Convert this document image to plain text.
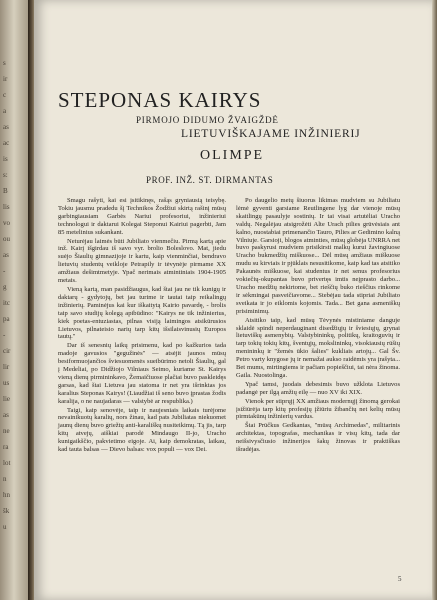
s
ir
c
a
as
ac
is
s:
B
lis
vo
ou
as
-
g
itc
pa
-
cir
lir
us
lie
as
ne
ra
lot
n
hn
šk
u
STEPONAS KAIRYS
PIRMOJO DIDUMO ŽVAIGŽDĖ
LIETUVIŠKAJAME INŽINIERIJ
OLIMPE
PROF. INŽ. ST. DIRMANTAS

Smagu rašyti, kai esi įsitikinęs, rašąs gryniausią teisybę. Tokiu jausmu pradedu šį Technikos Žodžiui skirtą rašinį mūsų garbingiausiam Garbės Nariui profesoriui, inžinieriui technologui ir daktarui Kolegai Steponui Kairiui pagerbti, Jam 85 metelinius sukankant.

Neturėjau laimės būti Jubiliato vienmečiu. Pirmą kartą apie inž. Kairį išgirdau iš savo vyr. brolio Boleslovo. Mat, jiedu suėjo Šiaulių gimnazijoje ir kartu, kaip vienminčiai, bendravo lietuvių studentų veikloje Petrapily ir tėvynėje pirmame XX amžiaus dešimtmetyje. Ypač nerimais atmintiniais 1904-1905 metais.

Vieną kartą, man pasidžiaugus, kad štai jau ne tik kunigų ir daktarų - gydytojų, bet jau turime ir tautai taip reikalingų inžinierių. Paminėjus kai kur iškaitytą Kairio pavardę, - brolis taip savo studijų kolegą apibūdino: "Kairys ne tik inžinierius, kiek poetas-entuziastas, pilnas visiją laimingos atsikūrusios Lietuvos, pilnateisio narių tarp kitų išsilaisvinusių Europos tautų."

Dar iš senesnių laikų prisimenu, kad po kažkurios tada madoje gavusios "gegužinės" — atsėjit jaunos mūsų besiformuojančios šviesuomenės sueibūrimo netoli Šiaulių, gal į Medeliai, po Didžiojo Vilniaus Seimo, kuriame St. Kairys vieną dienų pirmininkavo, Žemaičiuose plačiai buvo paskleidęs garsas, kad štai Lietuva jau statoma ir net yra išrinktas jos karalius Steponas Kairys! (Liaudžiai iš seno buvo įprastas žodis karalija, o ne naujadaras — valstybė ar respublika.)

Taigi, kaip senovėje, taip ir naujesniais laikais turėjome nevainikuotų karalių, nors žinau, kad pats Jubiliatas niekuomet jaunų dienų buvo griežtų anti-karališkų nusiteikimų. Tą jis, tarp kitų atvejų, aiškiai parodė Mindaugo II-jo, Uracho kunigaikščio, pakvietimo eigoje. Ai, kaip demokratas, laikau, kad tauta balsas — Dievo balsas: vox populi — vox Dei.

Po daugelio metų šiuorus likimas mudviem su Jubiliatu lėmė gyventi garsiame Reutlingene lyg dar vienoje mūsų skaitlingų pasaulyje sostinių. Ir tai visai artutėliai Uracho valdų. Negalėjau atsigrožėti Alte Urach pilies grūvėsiais ant kalno, nuostabiai primenančio Tauro, Pilies ar Gedimino kalną Vilniuje. Garsioji, blogos atminties, mūsų globėja UNRRA net buvo paskyrusi mudviem prisikirsti malkų kurui žavingiuose Uracho bukmedžių miškuose... Dėl mūsų amžiaus miškuose mudu su kirviais ir pjūklais nesusitikome, kaip kad tas atsitiko Pakaunės miškuose, kai studentus ir net senus profesorius vokiečių-okupantas buvo privertęs imtis neįprasto darbo... Uracho medžių nekirtome, bet rieščių buko rieščius rinkome ir sėkmingai pasveičiavome... Stebėjau tada stipriai Jubiliato sveikata ir jo eiklomis kojomis. Tada... Bet gana asmeniškų prisiminimų.

Atsitiko taip, kad mūsų Tėvynės mistiniame danguje sklaidė spindi neperdauginant disedžiųjų ir šviesiųjų, grynai lietuviškų asmenybių. Valstybininkų, politikų, kraitoguvių ir tarp tokių tokių kitų, šventųjų, mokslininkų, visokiausių rūšių menininkų ir "žemės ūkio šalies" kukliais artojų... Gal Šv. Petro varty knygose jų ir nemažai aukso raidėmis yra įrašyta... Bet mums, mirtingiems ir pačiam popieščiui, tai nėra žinoma. Gaila. Nuostolinga.

Ypač tamsi, juodais debesimis buvo užklota Lietuvos padangė per ilgą amžių eilę — nuo XV iki XIX.

Vienok per stiprųjį XX amžiaus modernųjį žinomą gerokai įsižiūrėja tarp kitų profesijų įžiūriu žibančių net kelių mūsų pirmtakūnų inžinierių vardus.

Štai Prūčkus Gedkantas, "mūsų Archimedas", militarinis architektas, topografas, mechanikas ir visų kitų, tada dar neišsivysčiusio inžinerijos šakų žinovas ir praktiškas išradėjas.

5
